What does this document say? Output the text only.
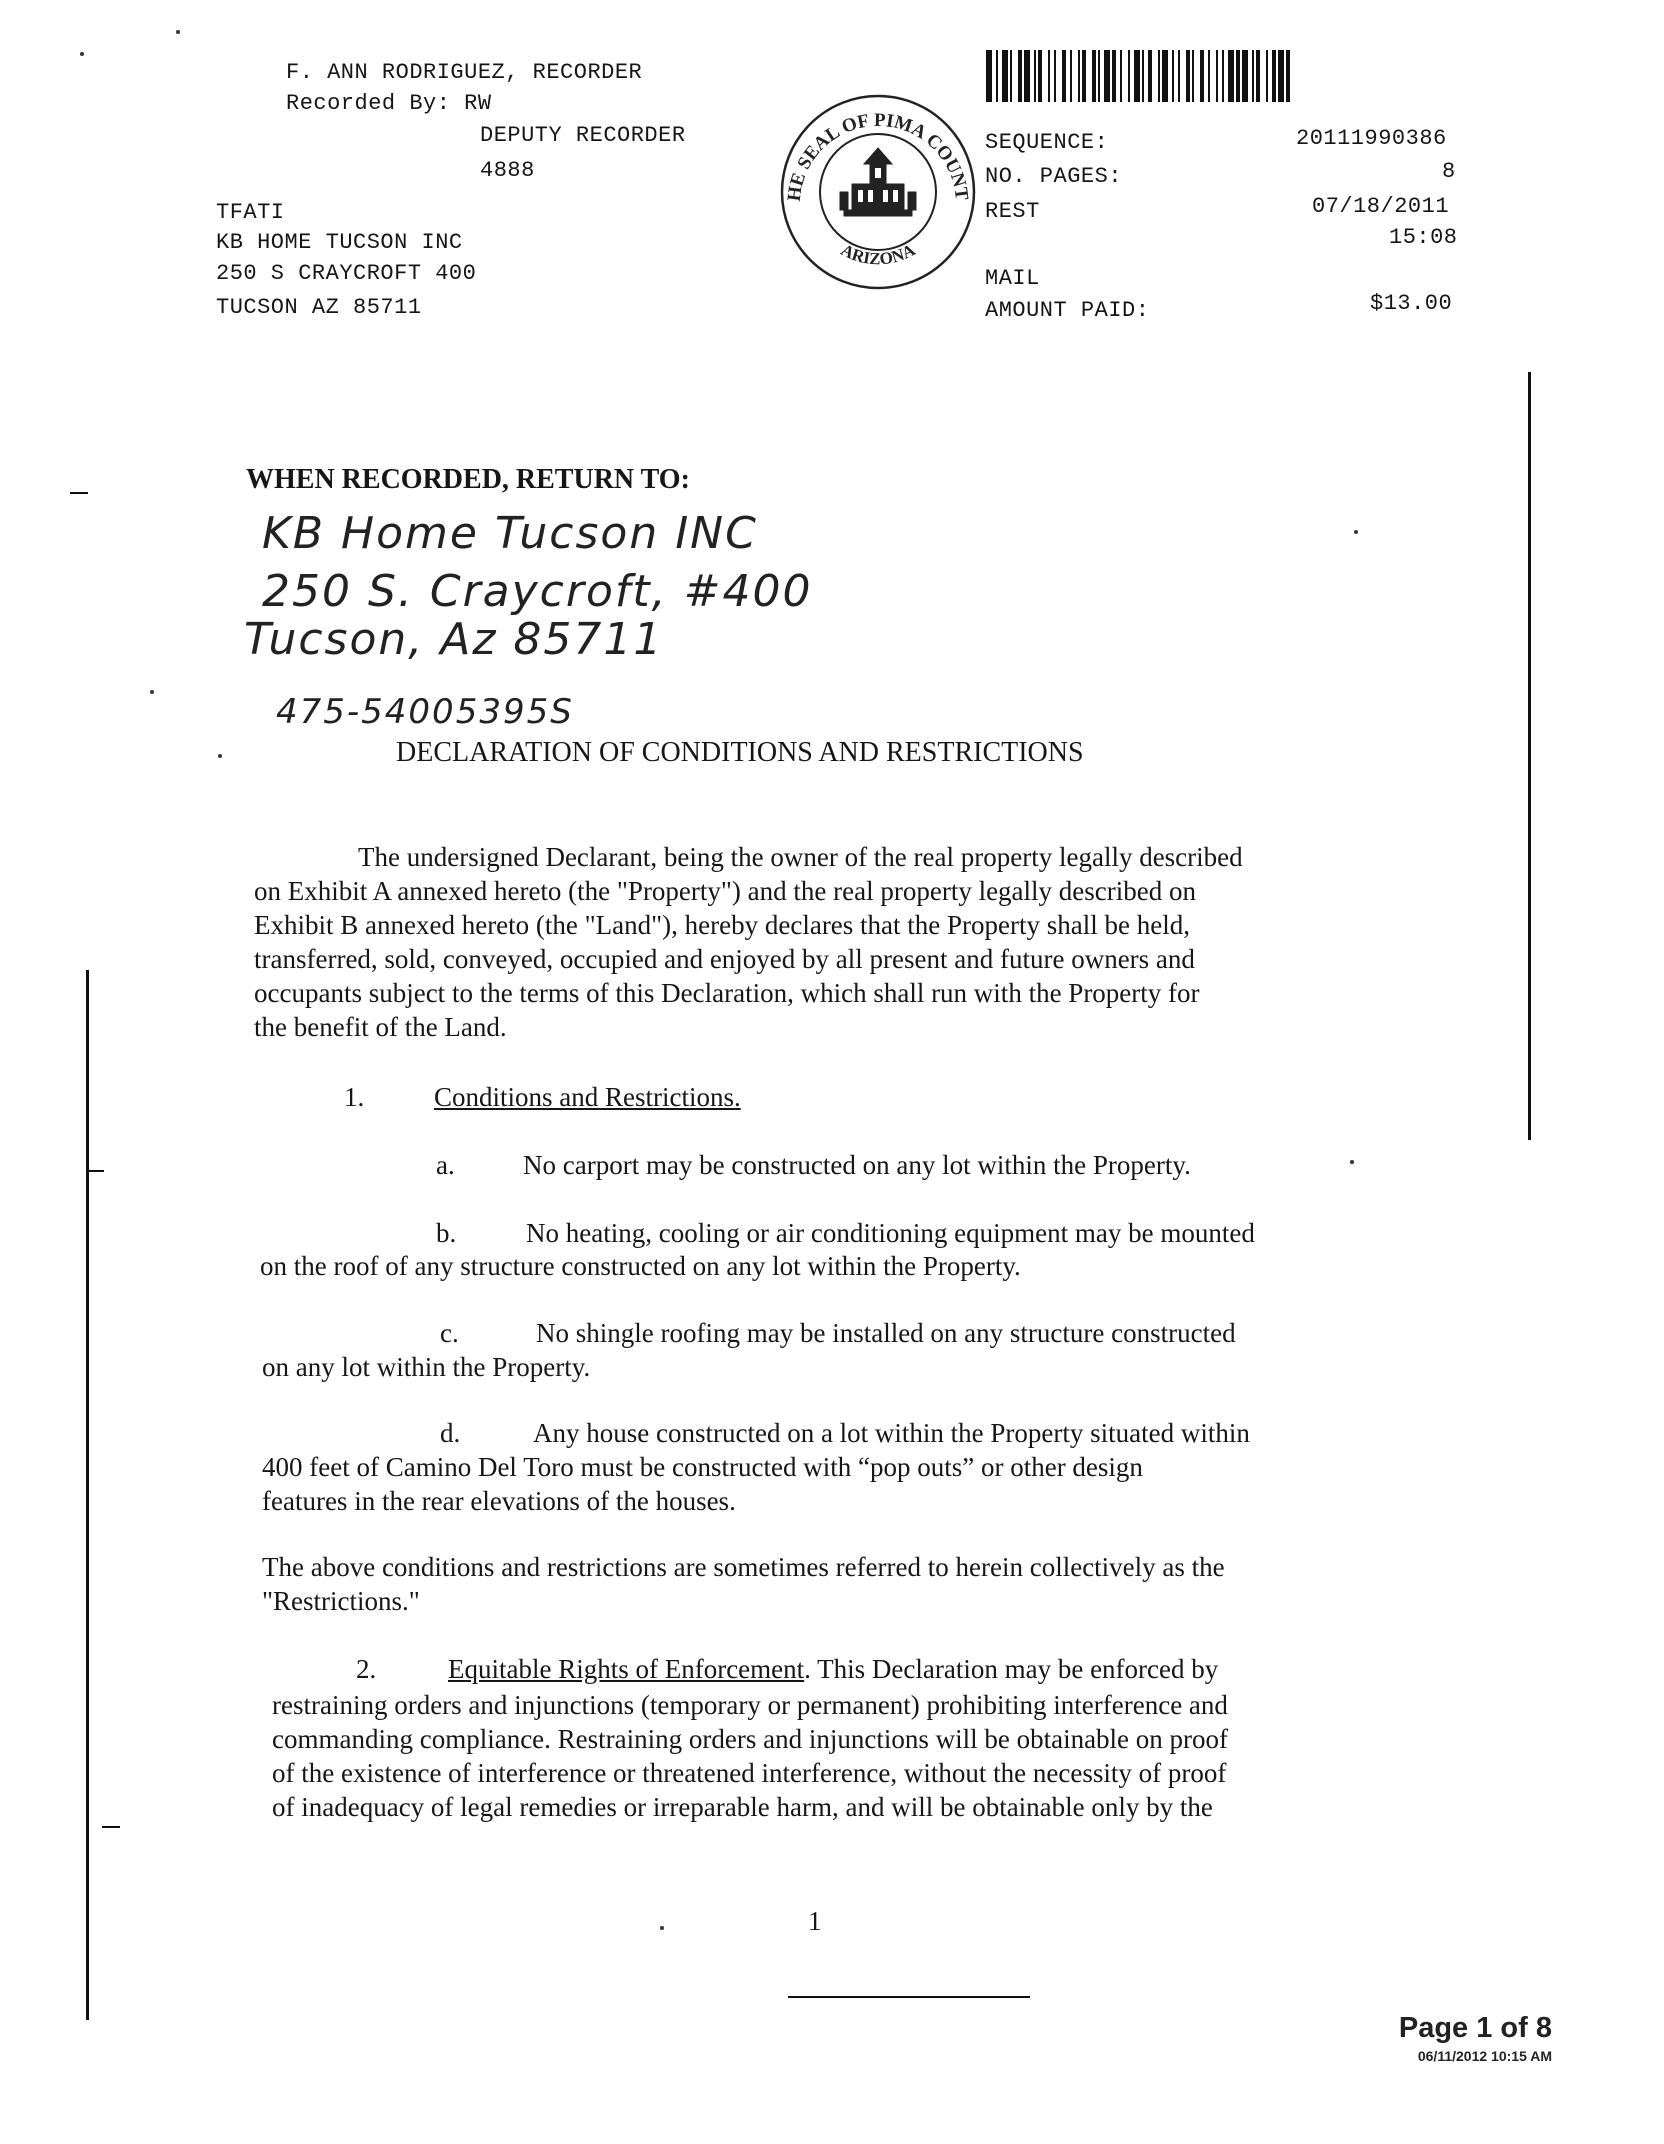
F. ANN RODRIGUEZ, RECORDER
Recorded By: RW
DEPUTY RECORDER
4888
TFATI
KB HOME TUCSON INC
250 S CRAYCROFT 400
TUCSON AZ 85711
HE SEAL OF PIMA COUNT
ARIZONA
SEQUENCE:	20111990386
NO. PAGES:	8
REST	07/18/2011
15:08
MAIL
AMOUNT PAID:	$13.00
WHEN RECORDED, RETURN TO:
KB Home Tucson INC
250 S. Craycroft, #400
Tucson, Az 85711
475-54005395S
DECLARATION OF CONDITIONS AND RESTRICTIONS
The undersigned Declarant, being the owner of the real property legally described
on Exhibit A annexed hereto (the "Property") and the real property legally described on
Exhibit B annexed hereto (the "Land"), hereby declares that the Property shall be held,
transferred, sold, conveyed, occupied and enjoyed by all present and future owners and
occupants subject to the terms of this Declaration, which shall run with the Property for
the benefit of the Land.
1.	Conditions and Restrictions.
a.	No carport may be constructed on any lot within the Property.
b.	No heating, cooling or air conditioning equipment may be mounted
on the roof of any structure constructed on any lot within the Property.
c.	No shingle roofing may be installed on any structure constructed
on any lot within the Property.
d.	Any house constructed on a lot within the Property situated within
400 feet of Camino Del Toro must be constructed with “pop outs” or other design
features in the rear elevations of the houses.
The above conditions and restrictions are sometimes referred to herein collectively as the
"Restrictions."
2.	Equitable Rights of Enforcement. This Declaration may be enforced by
restraining orders and injunctions (temporary or permanent) prohibiting interference and
commanding compliance. Restraining orders and injunctions will be obtainable on proof
of the existence of interference or threatened interference, without the necessity of proof
of inadequacy of legal remedies or irreparable harm, and will be obtainable only by the
1
Page 1 of 8
06/11/2012 10:15 AM
